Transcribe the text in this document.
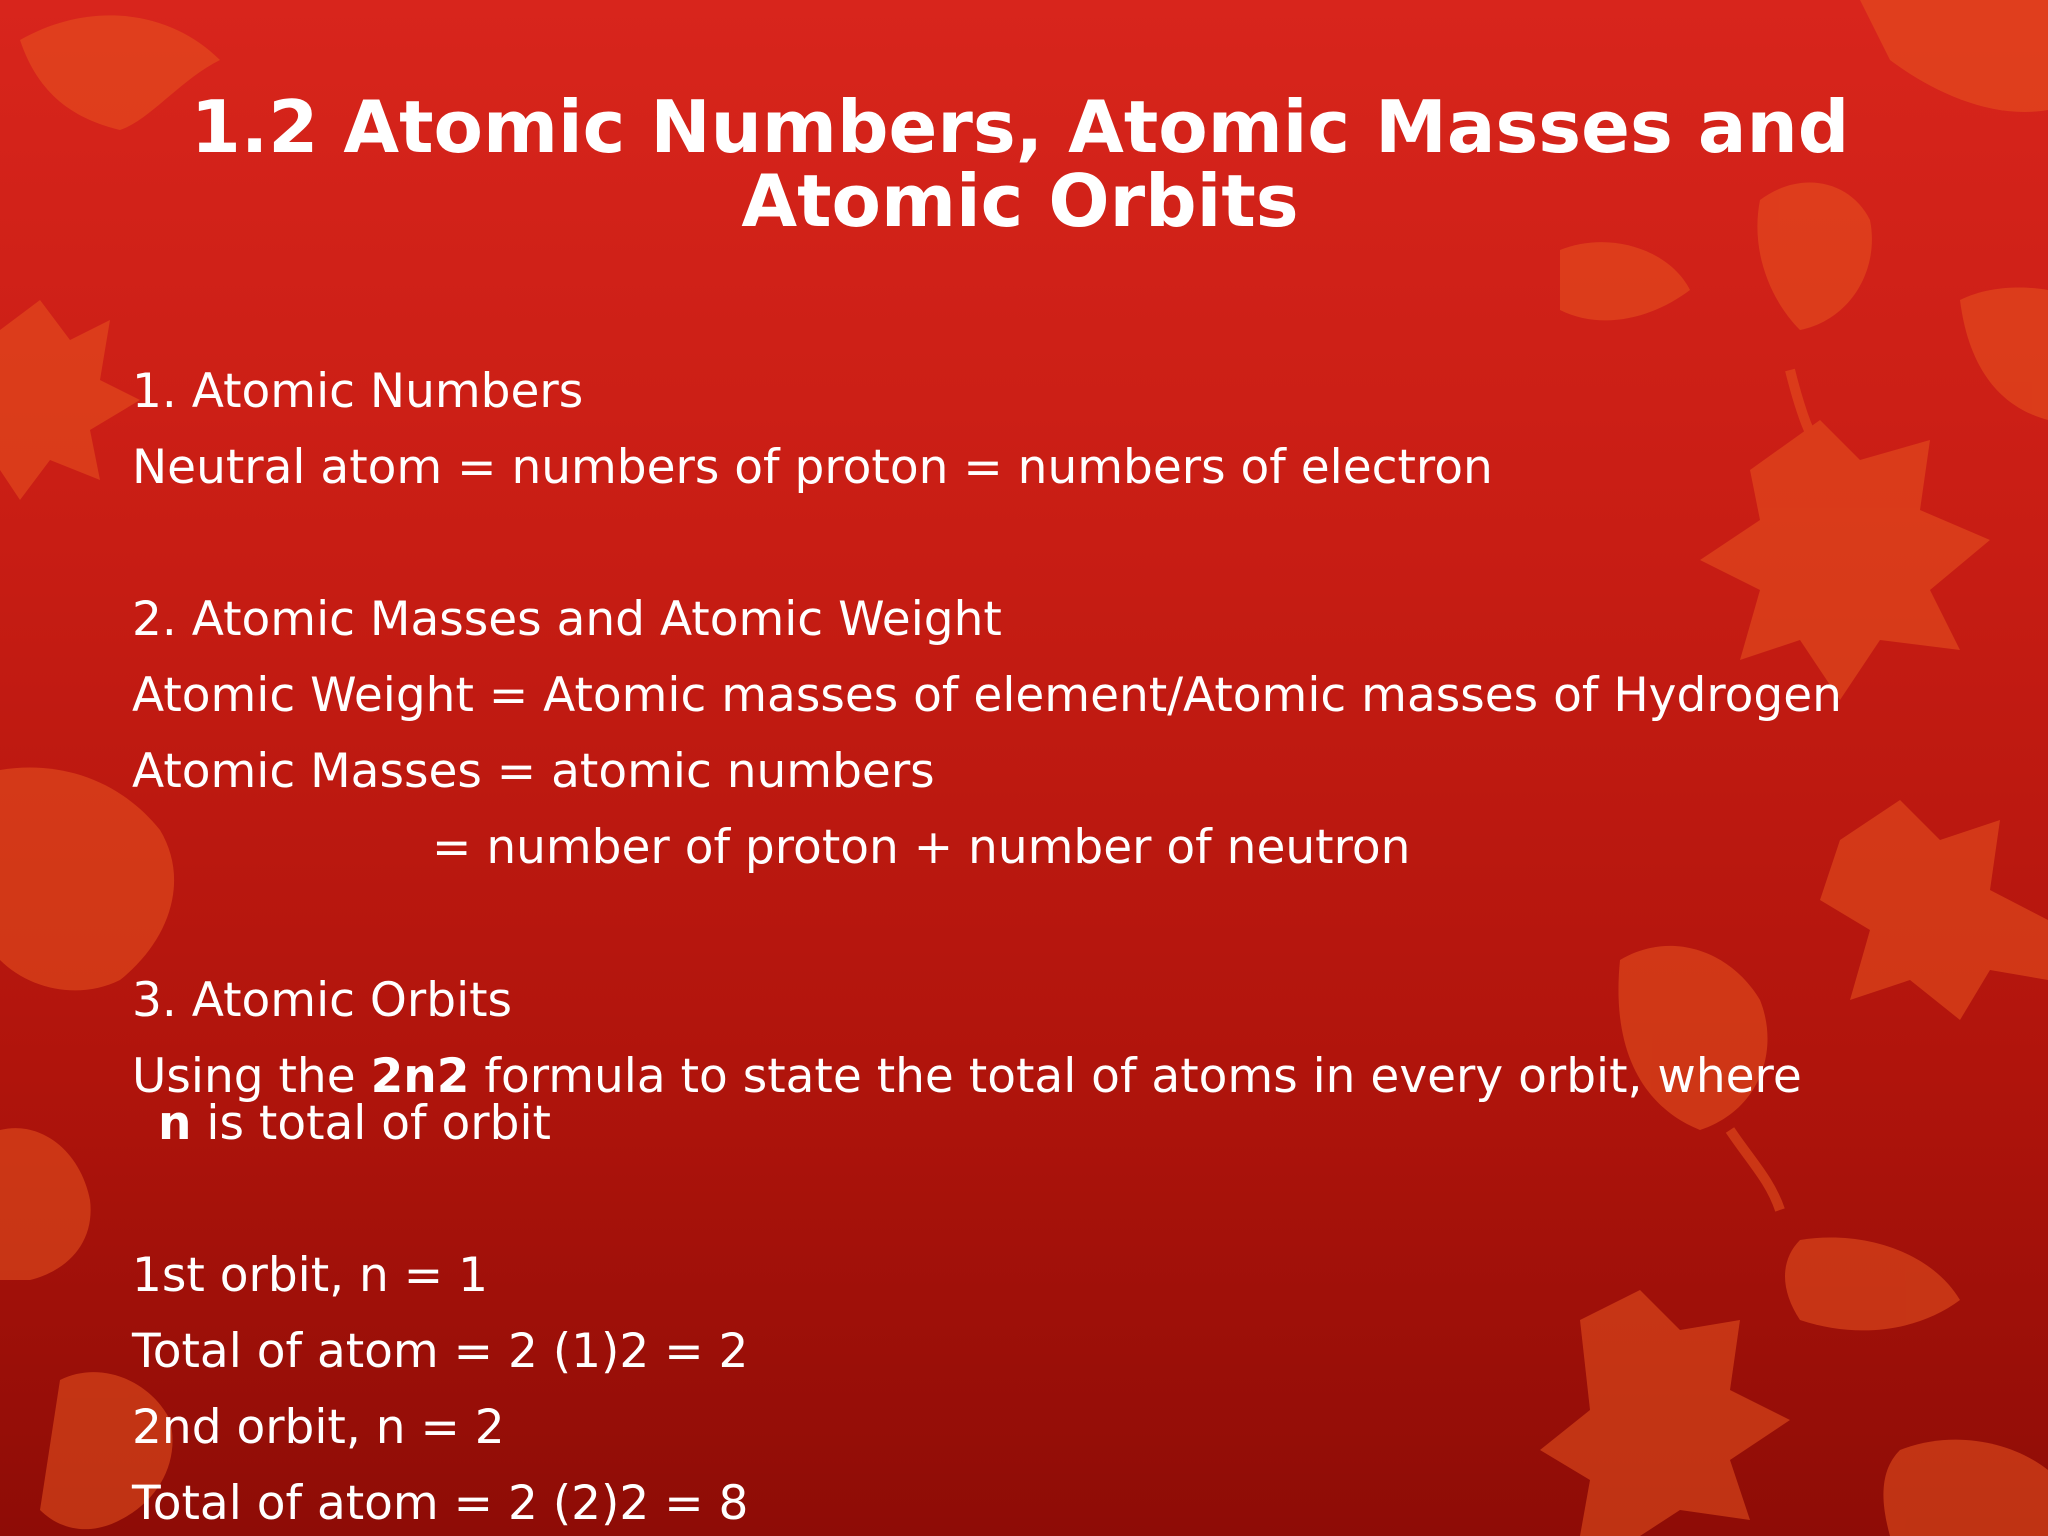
1.2 Atomic Numbers, Atomic Masses and
Atomic Orbits
1. Atomic Numbers
Neutral atom = numbers of proton = numbers of electron
2. Atomic Masses and Atomic Weight
Atomic Weight = Atomic masses of element/Atomic masses of Hydrogen
Atomic Masses = atomic numbers
= number of proton + number of neutron
3. Atomic Orbits
Using the 2n2 formula to state the total of atoms in every orbit, where
n is total of orbit
1st orbit, n = 1
Total of atom = 2 (1)2 = 2
2nd orbit, n = 2
Total of atom = 2 (2)2 = 8
